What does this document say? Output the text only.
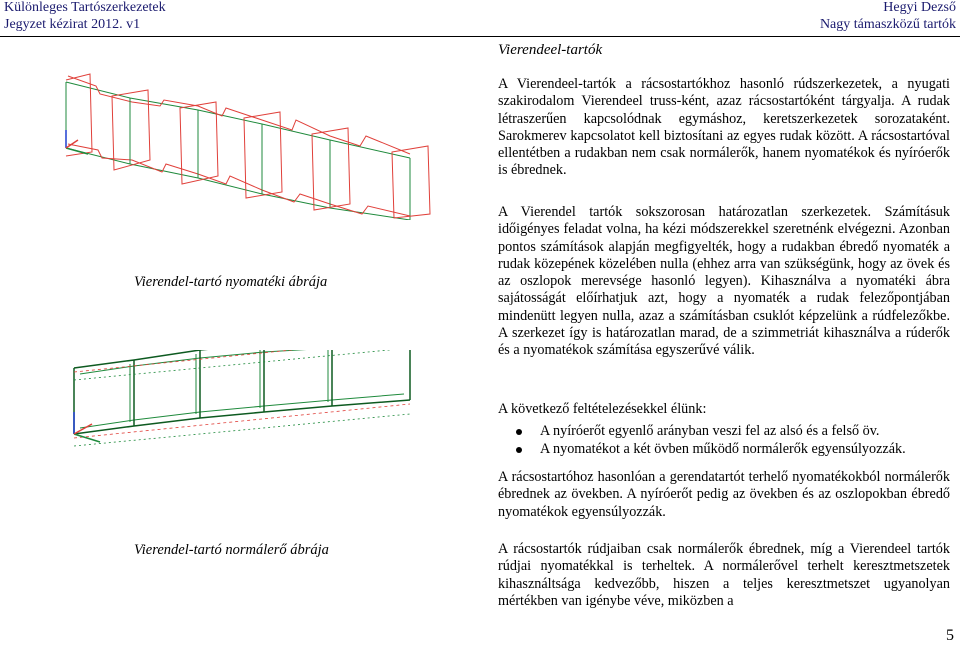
Különleges Tartószerkezetek
Jegyzet kézirat 2012. v1
Hegyi Dezső
Nagy támaszközű tartók
Vierendeel-tartók

A Vierendeel-tartók a rácsostartókhoz hasonló rúdszerkezetek, a nyugati szakirodalom Vierendeel truss-ként, azaz rácsostartóként tárgyalja. A rudak létraszerűen kapcsolódnak egymáshoz, keretszerkezetek sorozataként. Sarokmerev kapcsolatot kell biztosítani az egyes rudak között. A rácsostartóval ellentétben a rudakban nem csak normálerők, hanem nyomatékok és nyíróerők is ébrednek.

A Vierendel tartók sokszorosan határozatlan szerkezetek. Számításuk időigényes feladat volna, ha kézi módszerekkel szeretnénk elvégezni. Azonban pontos számítások alapján megfigyelték, hogy a rudakban ébredő nyomaték a rudak közepének közelében nulla (ehhez arra van szükségünk, hogy az övek és az oszlopok merevsége hasonló legyen). Kihasználva a nyomatéki ábra sajátosságát előírhatjuk azt, hogy a nyomaték a rudak felezőpontjában mindenütt legyen nulla, azaz a számításban csuklót képzelünk a rúdfelezőkbe. A szerkezet így is határozatlan marad, de a szimmetriát kihasználva a rúderők és a nyomatékok számítása egyszerűvé válik.

A következő feltételezésekkel élünk:

A nyíróerőt egyenlő arányban veszi fel az alsó és a felső öv.
A nyomatékot a két övben működő normálerők egyensúlyozzák.

A rácsostartóhoz hasonlóan a gerendatartót terhelő nyomatékokból normálerők ébrednek az övekben. A nyíróerőt pedig az övekben és az oszlopokban ébredő nyomatékok egyensúlyozzák.

A rácsostartók rúdjaiban csak normálerők ébrednek, míg a Vierendeel tartók rúdjai nyomatékkal is terheltek. A normálerővel terhelt keresztmetszetek kihasználtsága kedvezőbb, hiszen a teljes keresztmetszet ugyanolyan mértékben van igénybe véve, miközben a

Vierendel-tartó nyomatéki ábrája
Vierendel-tartó normálerő ábrája
5
